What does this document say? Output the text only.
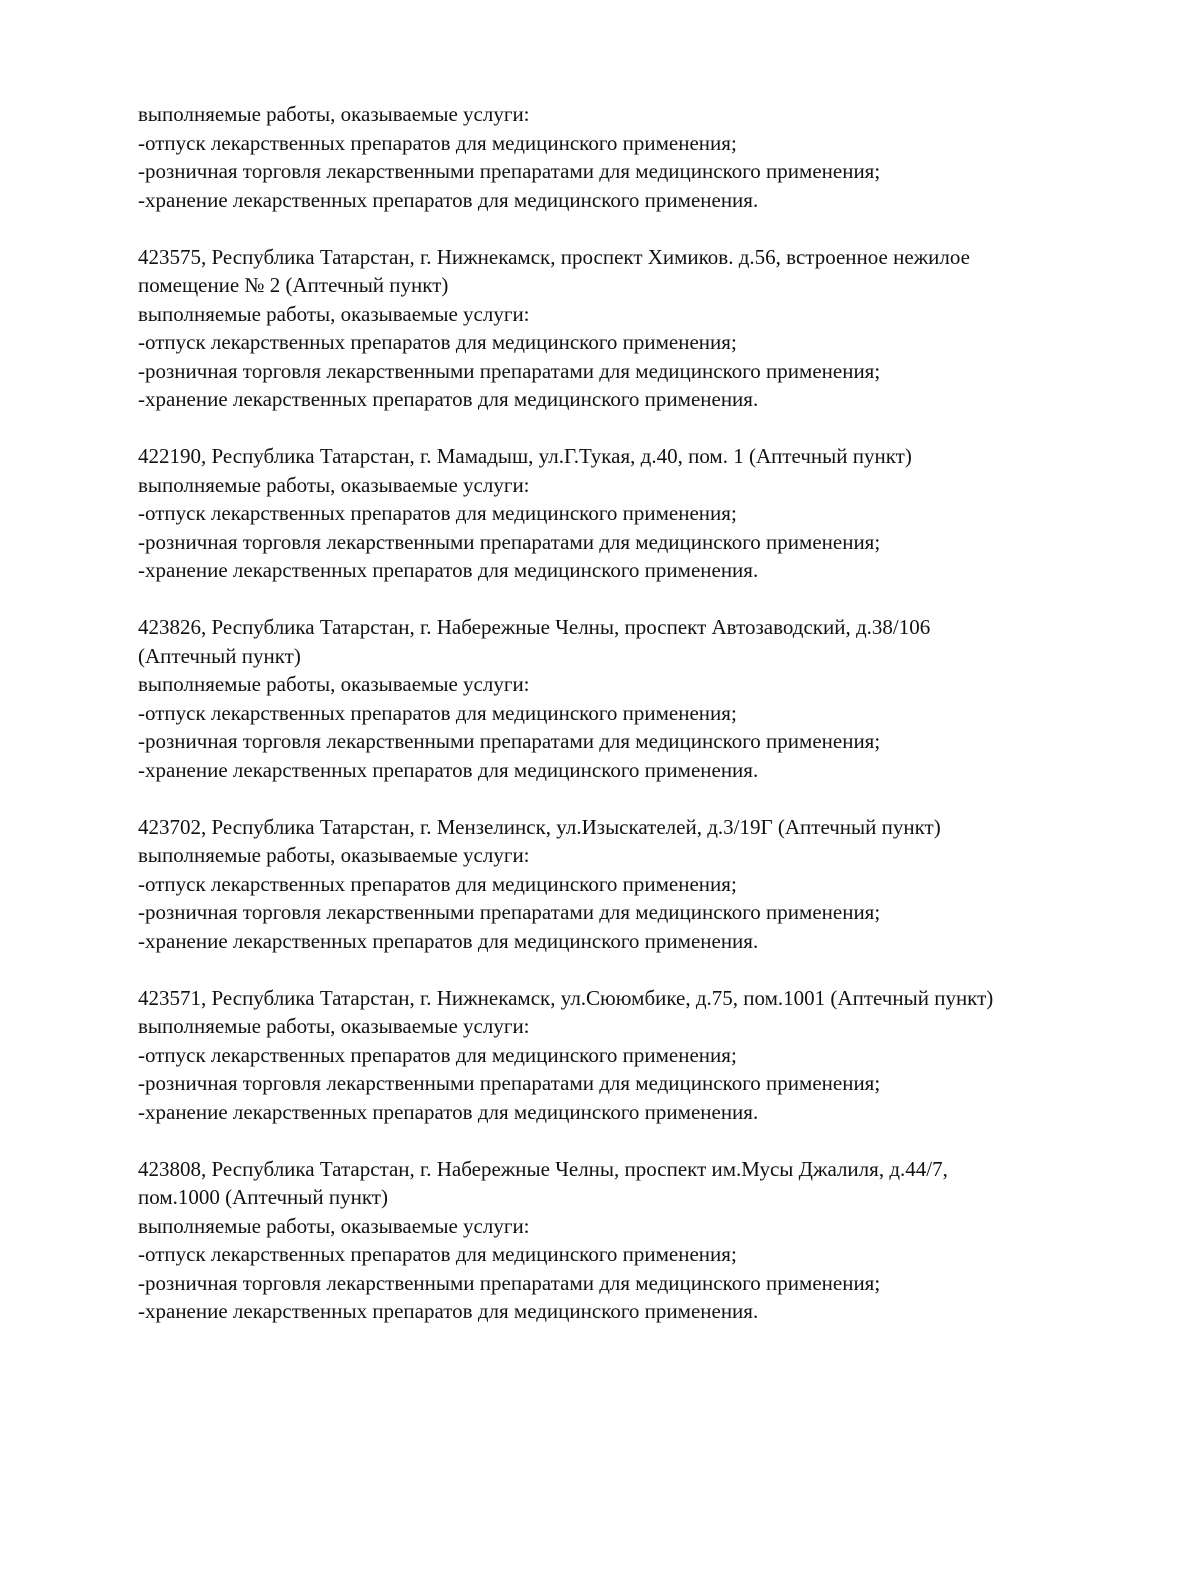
выполняемые работы, оказываемые услуги:
-отпуск лекарственных препаратов для медицинского применения;
-розничная торговля лекарственными препаратами для медицинского применения;
-хранение лекарственных препаратов для медицинского применения.
423575, Республика Татарстан, г. Нижнекамск, проспект Химиков. д.56, встроенное нежилое
помещение № 2 (Аптечный пункт)
выполняемые работы, оказываемые услуги:
-отпуск лекарственных препаратов для медицинского применения;
-розничная торговля лекарственными препаратами для медицинского применения;
-хранение лекарственных препаратов для медицинского применения.
422190, Республика Татарстан, г. Мамадыш, ул.Г.Тукая, д.40, пом. 1 (Аптечный пункт)
выполняемые работы, оказываемые услуги:
-отпуск лекарственных препаратов для медицинского применения;
-розничная торговля лекарственными препаратами для медицинского применения;
-хранение лекарственных препаратов для медицинского применения.
423826, Республика Татарстан, г. Набережные Челны, проспект Автозаводский, д.38/106
(Аптечный пункт)
выполняемые работы, оказываемые услуги:
-отпуск лекарственных препаратов для медицинского применения;
-розничная торговля лекарственными препаратами для медицинского применения;
-хранение лекарственных препаратов для медицинского применения.
423702, Республика Татарстан, г. Мензелинск, ул.Изыскателей, д.3/19Г (Аптечный пункт)
выполняемые работы, оказываемые услуги:
-отпуск лекарственных препаратов для медицинского применения;
-розничная торговля лекарственными препаратами для медицинского применения;
-хранение лекарственных препаратов для медицинского применения.
423571, Республика Татарстан, г. Нижнекамск, ул.Сююмбике, д.75, пом.1001 (Аптечный пункт)
выполняемые работы, оказываемые услуги:
-отпуск лекарственных препаратов для медицинского применения;
-розничная торговля лекарственными препаратами для медицинского применения;
-хранение лекарственных препаратов для медицинского применения.
423808, Республика Татарстан, г. Набережные Челны, проспект им.Мусы Джалиля, д.44/7,
пом.1000 (Аптечный пункт)
выполняемые работы, оказываемые услуги:
-отпуск лекарственных препаратов для медицинского применения;
-розничная торговля лекарственными препаратами для медицинского применения;
-хранение лекарственных препаратов для медицинского применения.
